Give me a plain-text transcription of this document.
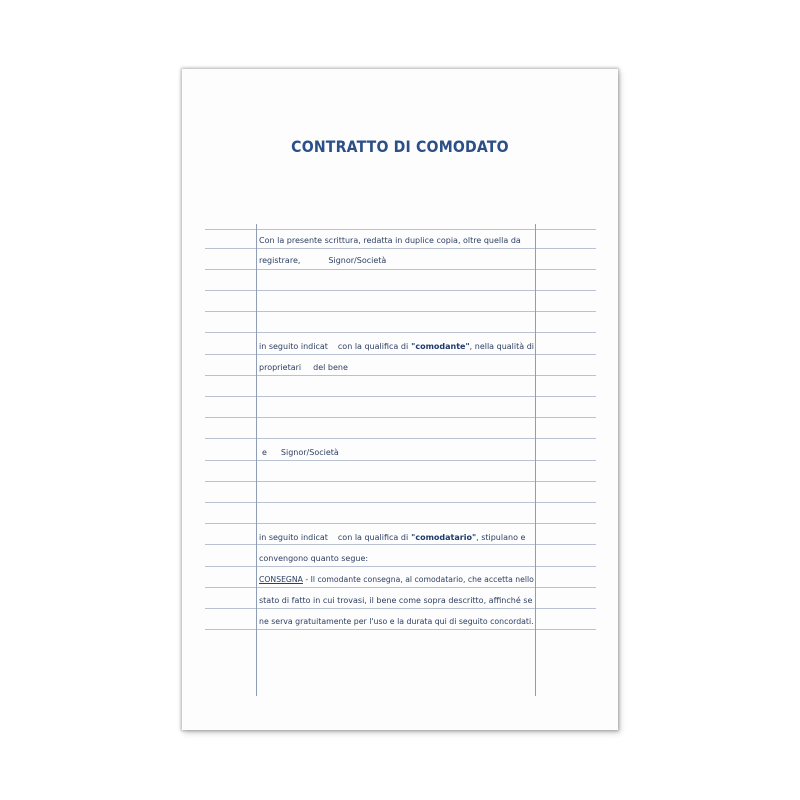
CONTRATTO DI COMODATO
Con la presente scrittura, redatta in duplice copia, oltre quella da
registrare,	Signor/Società
in seguito indicat con la qualifica di "comodante" , nella qualità di
proprietari del bene
e Signor/Società
in seguito indicat con la qualifica di "comodatario" , stipulano e
convengono quanto segue:
CONSEGNA - Il comodante consegna, al comodatario, che accetta nello
stato di fatto in cui trovasi, il bene come sopra descritto, affinché se
ne serva gratuitamente per l'uso e la durata qui di seguito concordati.
